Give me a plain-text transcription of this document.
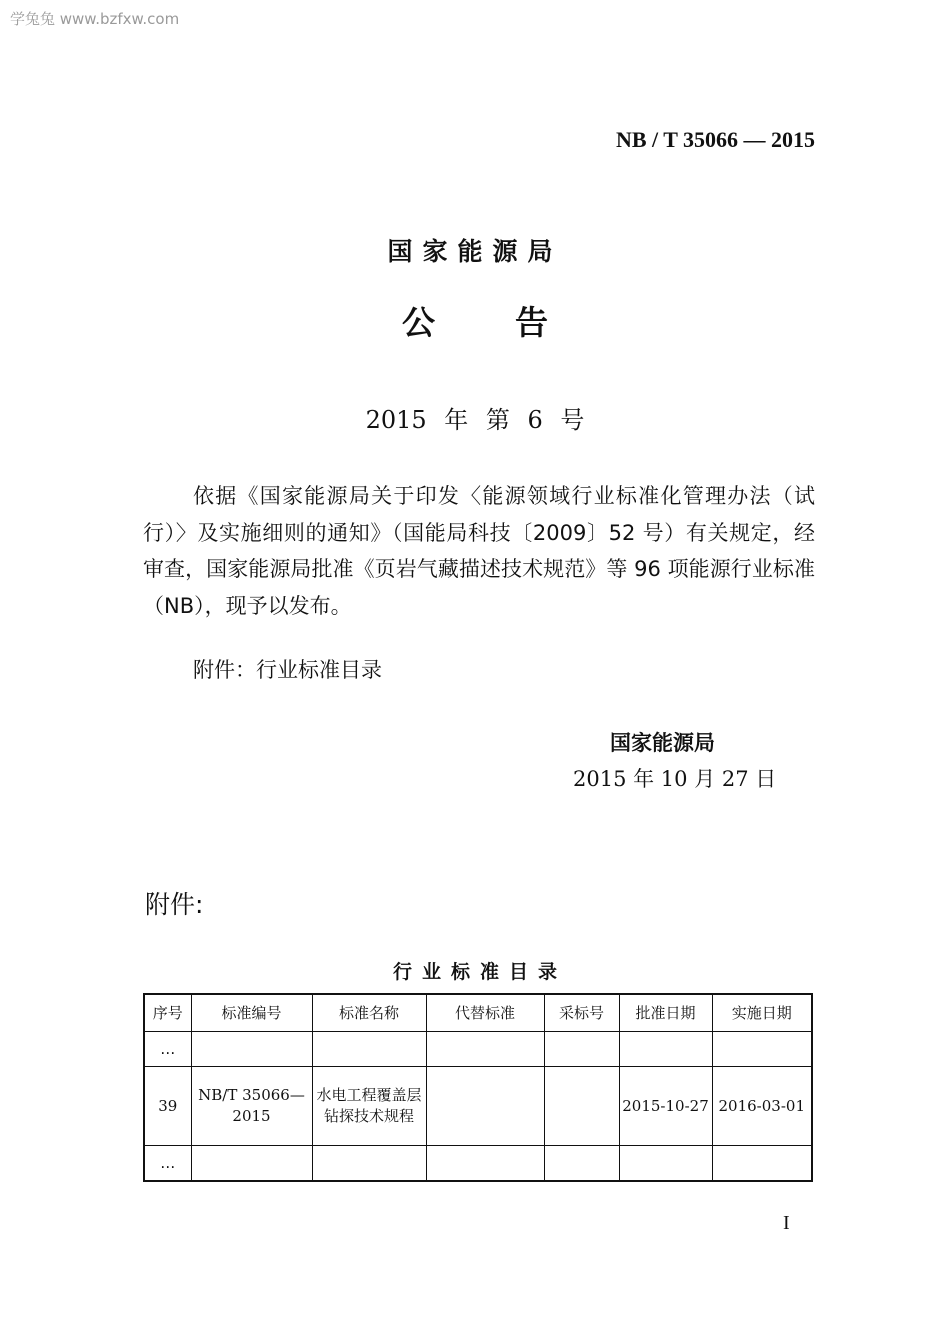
学兔兔 www.bzfxw.com
NB / T 35066 — 2015
国家能源局
公告
2015 年 第 6 号

依据《国家能源局关于印发〈能源领域行业标准化管理办法（试行）〉及实施细则的通知》（国能局科技〔2009〕52 号）有关规定，经审查，国家能源局批准《页岩气藏描述技术规范》等 96 项能源行业标准（NB），现予以发布。

附件：行业标准目录
国家能源局
2015 年 10 月 27 日
附件:
行业标准目录
序号	标准编号	标准名称	代替标准	采标号	批准日期	实施日期
…						
39	NB/T 35066—2015	水电工程覆盖层钻探技术规程			2015-10-27	2016-03-01
…						
I
